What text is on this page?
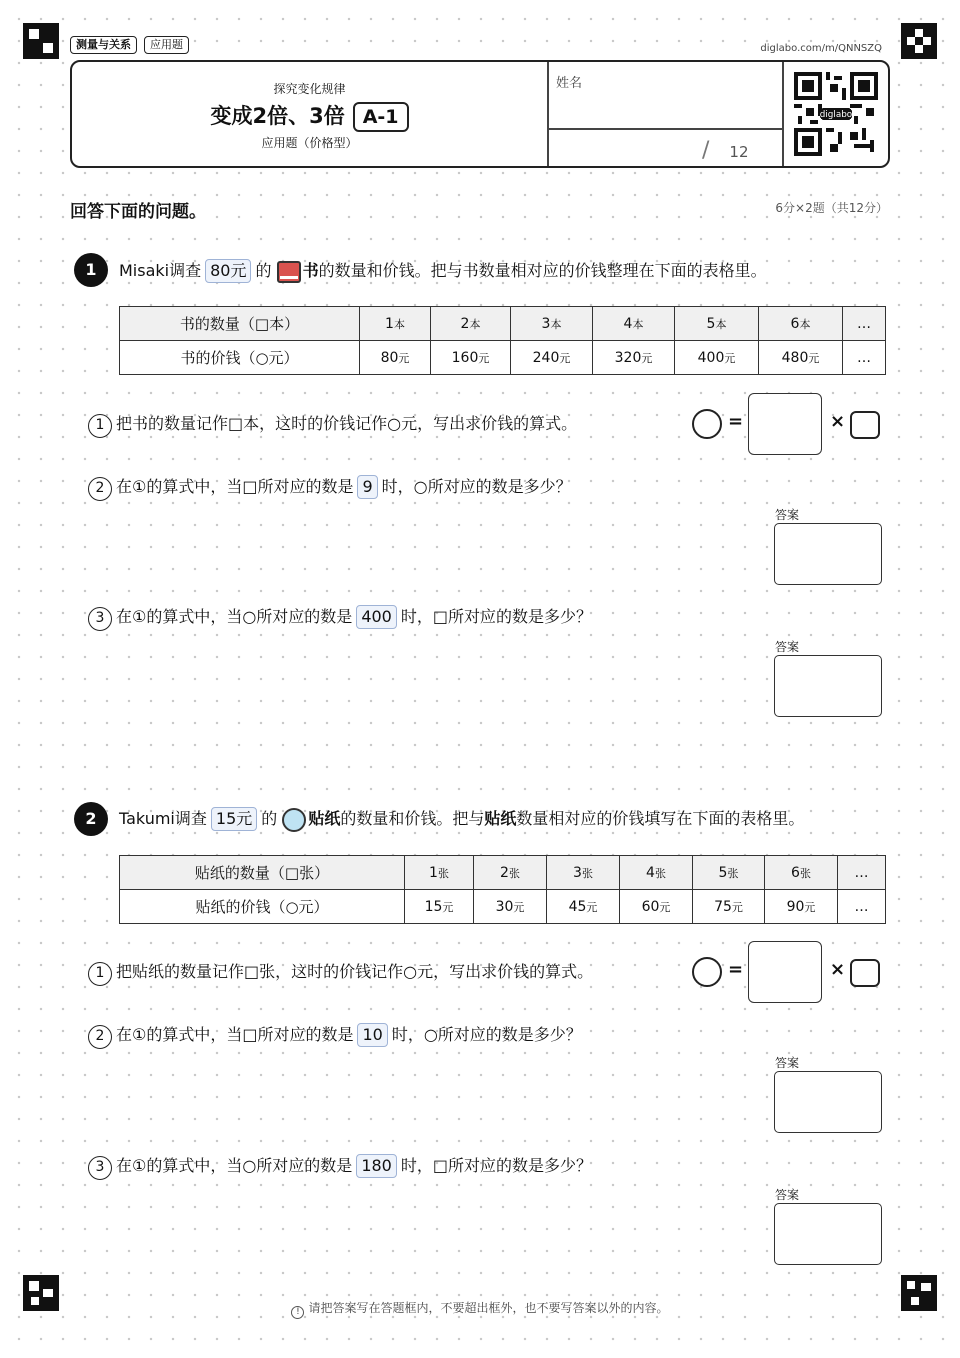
测量与关系	应用题	diglabo.com/m/QNNSZQ
探究变化规律
变成2倍、3倍 A-1
应用题（价格型）
姓名
/ 12
diglabo
回答下面的问题。	6分×2题（共12分）
1	Misaki调查 80元 的 书的数量和价钱。把与书数量相对应的价钱整理在下面的表格里。
书的数量（□本）	1本	2本	3本	4本	5本	6本	…
书的价钱（○元）	80元	160元	240元	320元	400元	480元	…
1 把书的数量记作□本，这时的价钱记作○元，写出求价钱的算式。	=	×
2 在①的算式中，当□所对应的数是 9 时，○所对应的数是多少？
答案
3 在①的算式中，当○所对应的数是 400 时，□所对应的数是多少？
答案
2	Takumi调查 15元 的 贴纸的数量和价钱。把与贴纸数量相对应的价钱填写在下面的表格里。
贴纸的数量（□张）	1张	2张	3张	4张	5张	6张	…
贴纸的价钱（○元）	15元	30元	45元	60元	75元	90元	…
1 把贴纸的数量记作□张，这时的价钱记作○元，写出求价钱的算式。	=	×
2 在①的算式中，当□所对应的数是 10 时，○所对应的数是多少？
答案
3 在①的算式中，当○所对应的数是 180 时，□所对应的数是多少？
答案
! 请把答案写在答题框内，不要超出框外，也不要写答案以外的内容。
